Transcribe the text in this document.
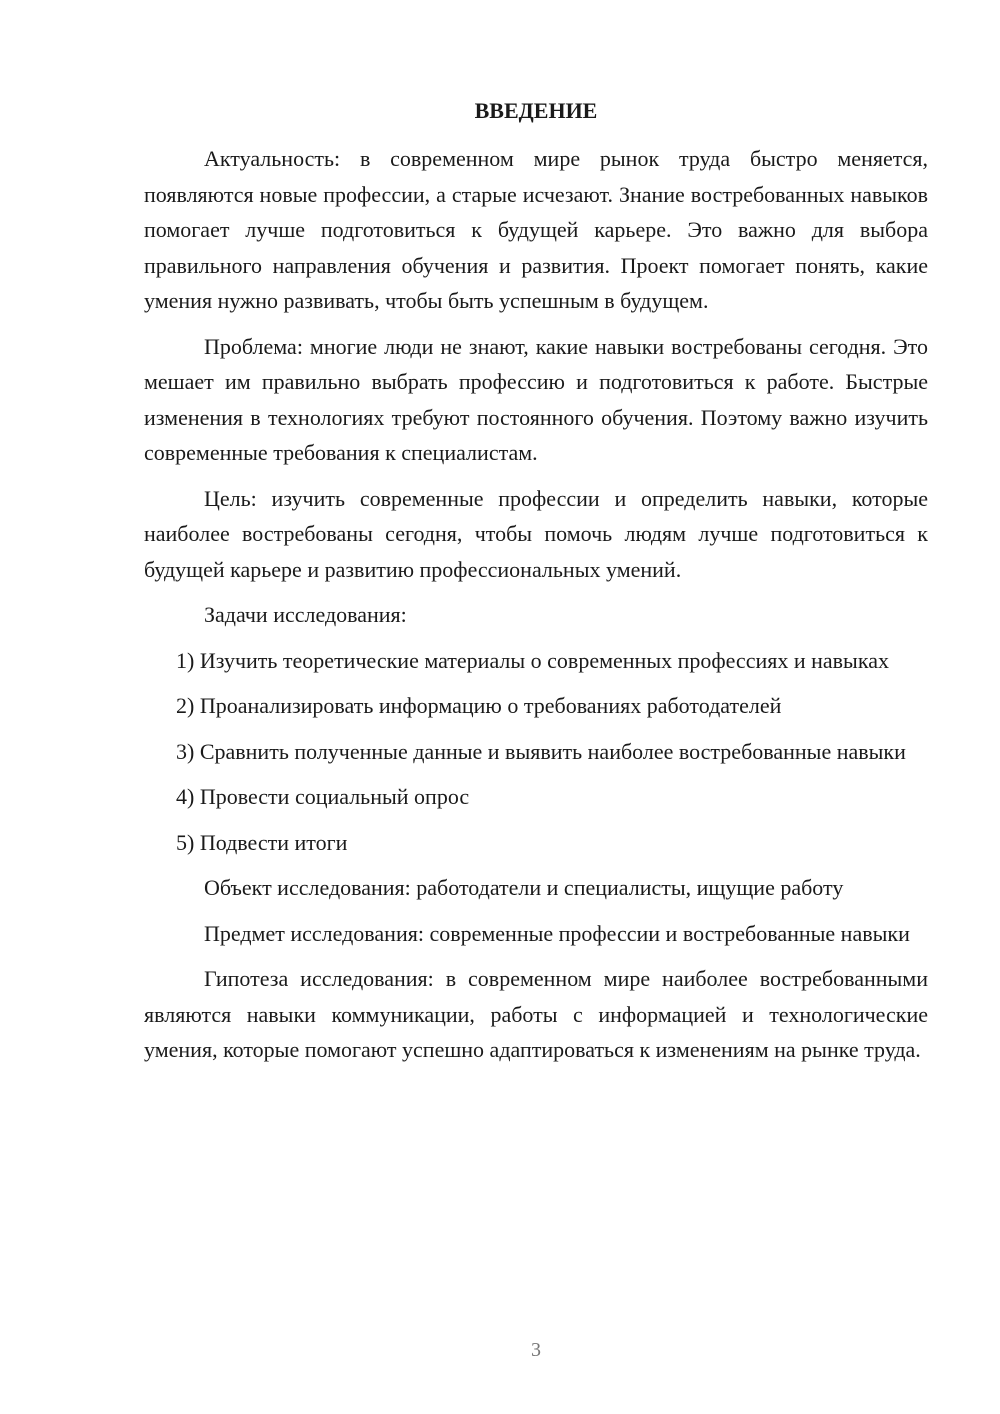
ВВЕДЕНИЕ

Актуальность: в современном мире рынок труда быстро меняется, появляются новые профессии, а старые исчезают. Знание востребованных навыков помогает лучше подготовиться к будущей карьере. Это важно для выбора правильного направления обучения и развития. Проект помогает понять, какие умения нужно развивать, чтобы быть успешным в будущем.

Проблема: многие люди не знают, какие навыки востребованы сегодня. Это мешает им правильно выбрать профессию и подготовиться к работе. Быстрые изменения в технологиях требуют постоянного обучения. Поэтому важно изучить современные требования к специалистам.

Цель: изучить современные профессии и определить навыки, которые наиболее востребованы сегодня, чтобы помочь людям лучше подготовиться к будущей карьере и развитию профессиональных умений.

Задачи исследования:

1) Изучить теоретические материалы о современных профессиях и навыках

2) Проанализировать информацию о требованиях работодателей

3) Сравнить полученные данные и выявить наиболее востребованные навыки

4) Провести социальный опрос

5) Подвести итоги

Объект исследования: работодатели и специалисты, ищущие работу

Предмет исследования: современные профессии и востребованные навыки

Гипотеза исследования: в современном мире наиболее востребованными являются навыки коммуникации, работы с информацией и технологические умения, которые помогают успешно адаптироваться к изменениям на рынке труда.

3
